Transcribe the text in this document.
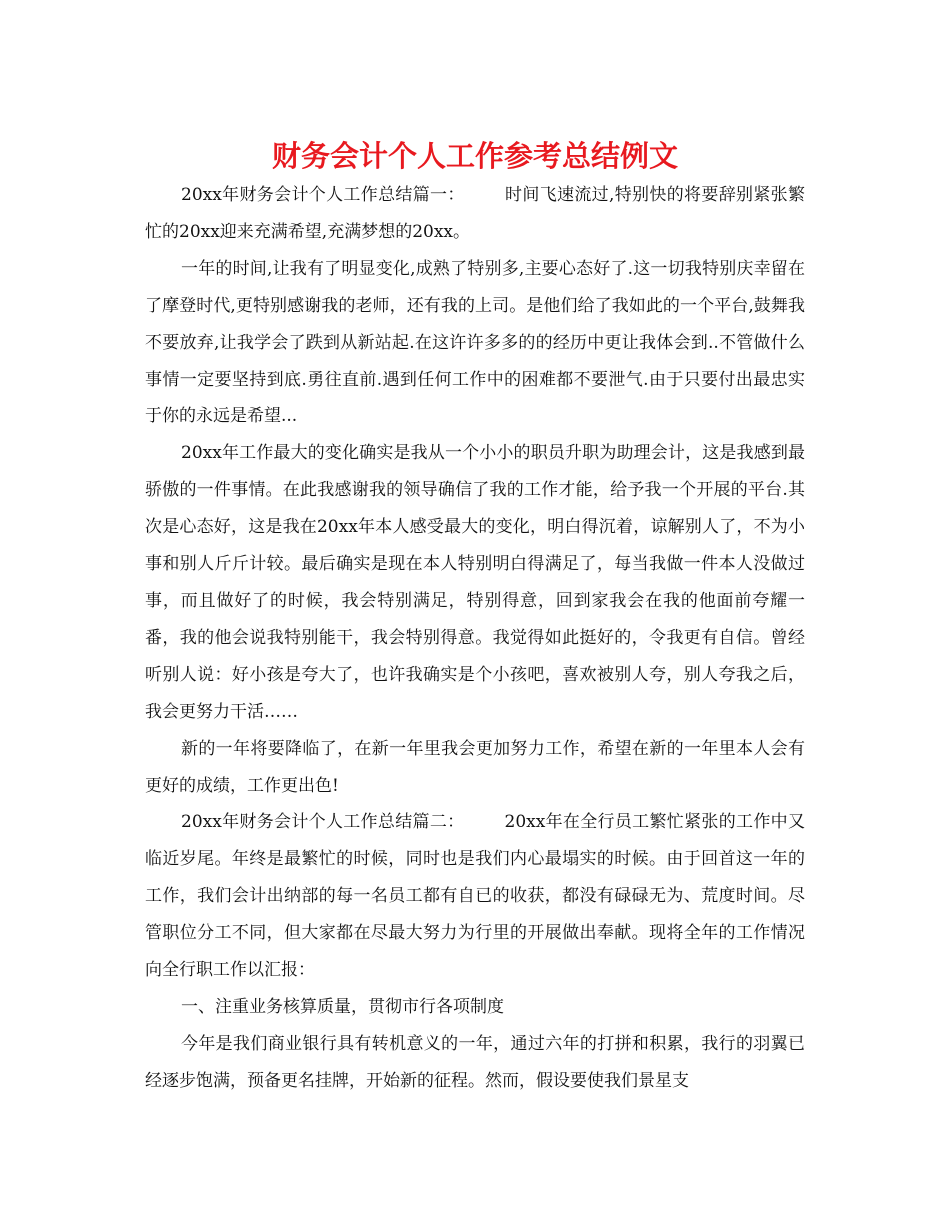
财务会计个人工作参考总结例文

20xx年财务会计个人工作总结篇一： 时间飞速流过,特别快的将要辞别紧张繁忙的20xx迎来充满希望,充满梦想的20xx。

一年的时间,让我有了明显变化,成熟了特别多,主要心态好了.这一切我特别庆幸留在了摩登时代,更特别感谢我的老师，还有我的上司。是他们给了我如此的一个平台,鼓舞我不要放弃,让我学会了跌到从新站起.在这许许多多的的经历中更让我体会到..不管做什么事情一定要坚持到底.勇往直前.遇到任何工作中的困难都不要泄气.由于只要付出最忠实于你的永远是希望...

20xx年工作最大的变化确实是我从一个小小的职员升职为助理会计，这是我感到最骄傲的一件事情。在此我感谢我的领导确信了我的工作才能，给予我一个开展的平台.其次是心态好，这是我在20xx年本人感受最大的变化，明白得沉着，谅解别人了，不为小事和别人斤斤计较。最后确实是现在本人特别明白得满足了，每当我做一件本人没做过事，而且做好了的时候，我会特别满足，特别得意，回到家我会在我的他面前夸耀一番，我的他会说我特别能干，我会特别得意。我觉得如此挺好的，令我更有自信。曾经听别人说：好小孩是夸大了，也许我确实是个小孩吧，喜欢被别人夸，别人夸我之后，我会更努力干活……

新的一年将要降临了，在新一年里我会更加努力工作，希望在新的一年里本人会有更好的成绩，工作更出色!

20xx年财务会计个人工作总结篇二： 20xx年在全行员工繁忙紧张的工作中又临近岁尾。年终是最繁忙的时候，同时也是我们内心最塌实的时候。由于回首这一年的工作，我们会计出纳部的每一名员工都有自已的收获，都没有碌碌无为、荒度时间。尽管职位分工不同，但大家都在尽最大努力为行里的开展做出奉献。现将全年的工作情况向全行职工作以汇报：

一、注重业务核算质量，贯彻市行各项制度

今年是我们商业银行具有转机意义的一年，通过六年的打拼和积累，我行的羽翼已经逐步饱满，预备更名挂牌，开始新的征程。然而，假设要使我们景星支
